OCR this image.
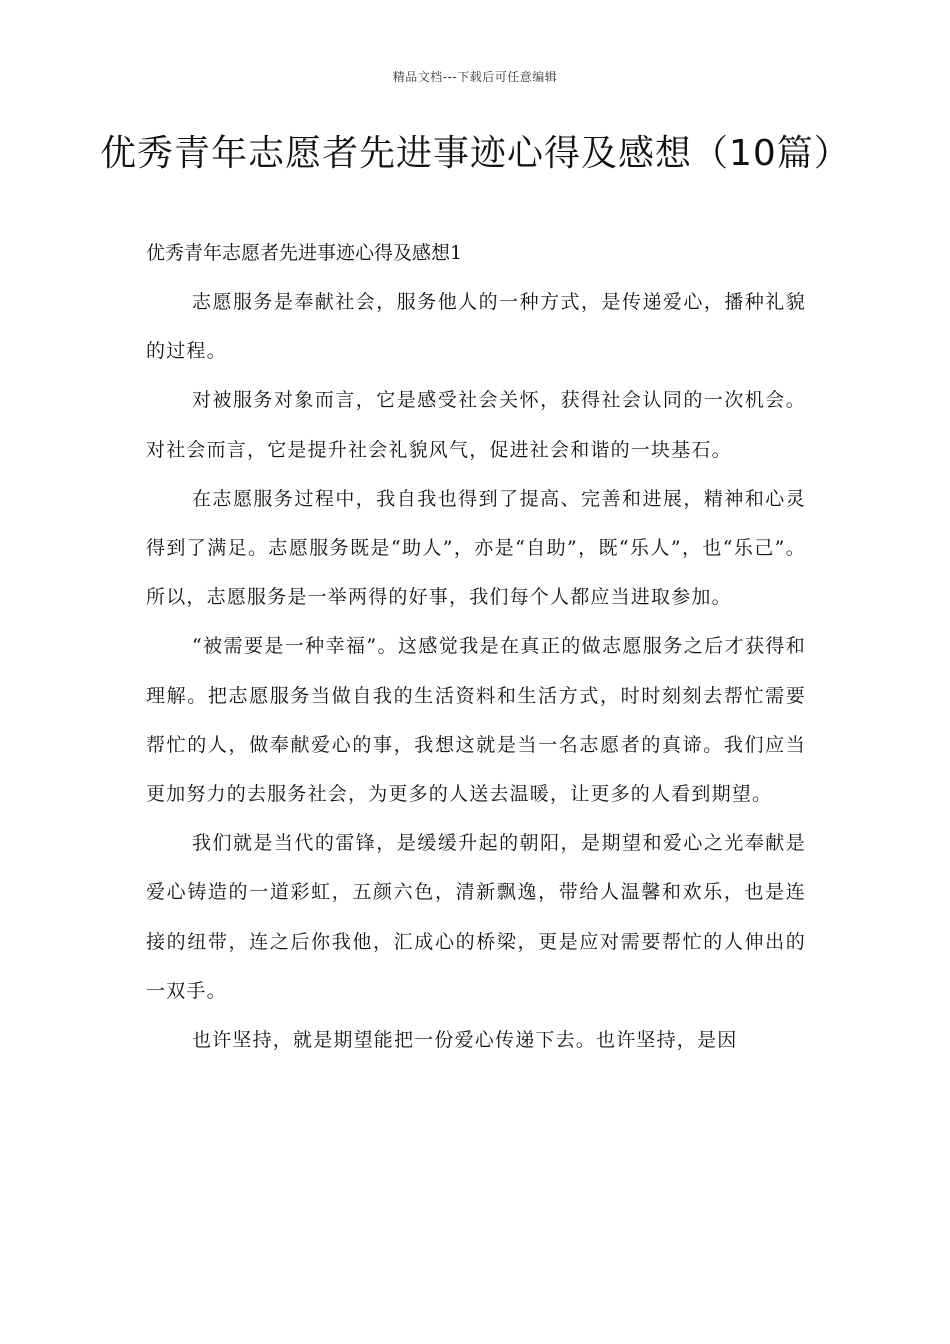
精品文档---下载后可任意编辑
优秀青年志愿者先进事迹心得及感想（10篇）
优秀青年志愿者先进事迹心得及感想1

志愿服务是奉献社会，服务他人的一种方式，是传递爱心，播种礼貌的过程。

对被服务对象而言，它是感受社会关怀，获得社会认同的一次机会。对社会而言，它是提升社会礼貌风气，促进社会和谐的一块基石。

在志愿服务过程中，我自我也得到了提高、完善和进展，精神和心灵得到了满足。志愿服务既是“助人”，亦是“自助”，既“乐人”，也“乐己”。所以，志愿服务是一举两得的好事，我们每个人都应当进取参加。

“被需要是一种幸福”。这感觉我是在真正的做志愿服务之后才获得和理解。把志愿服务当做自我的生活资料和生活方式，时时刻刻去帮忙需要帮忙的人，做奉献爱心的事，我想这就是当一名志愿者的真谛。我们应当更加努力的去服务社会，为更多的人送去温暖，让更多的人看到期望。

我们就是当代的雷锋，是缓缓升起的朝阳，是期望和爱心之光奉献是爱心铸造的一道彩虹，五颜六色，清新飘逸，带给人温馨和欢乐，也是连接的纽带，连之后你我他，汇成心的桥梁，更是应对需要帮忙的人伸出的一双手。

也许坚持，就是期望能把一份爱心传递下去。也许坚持，是因
